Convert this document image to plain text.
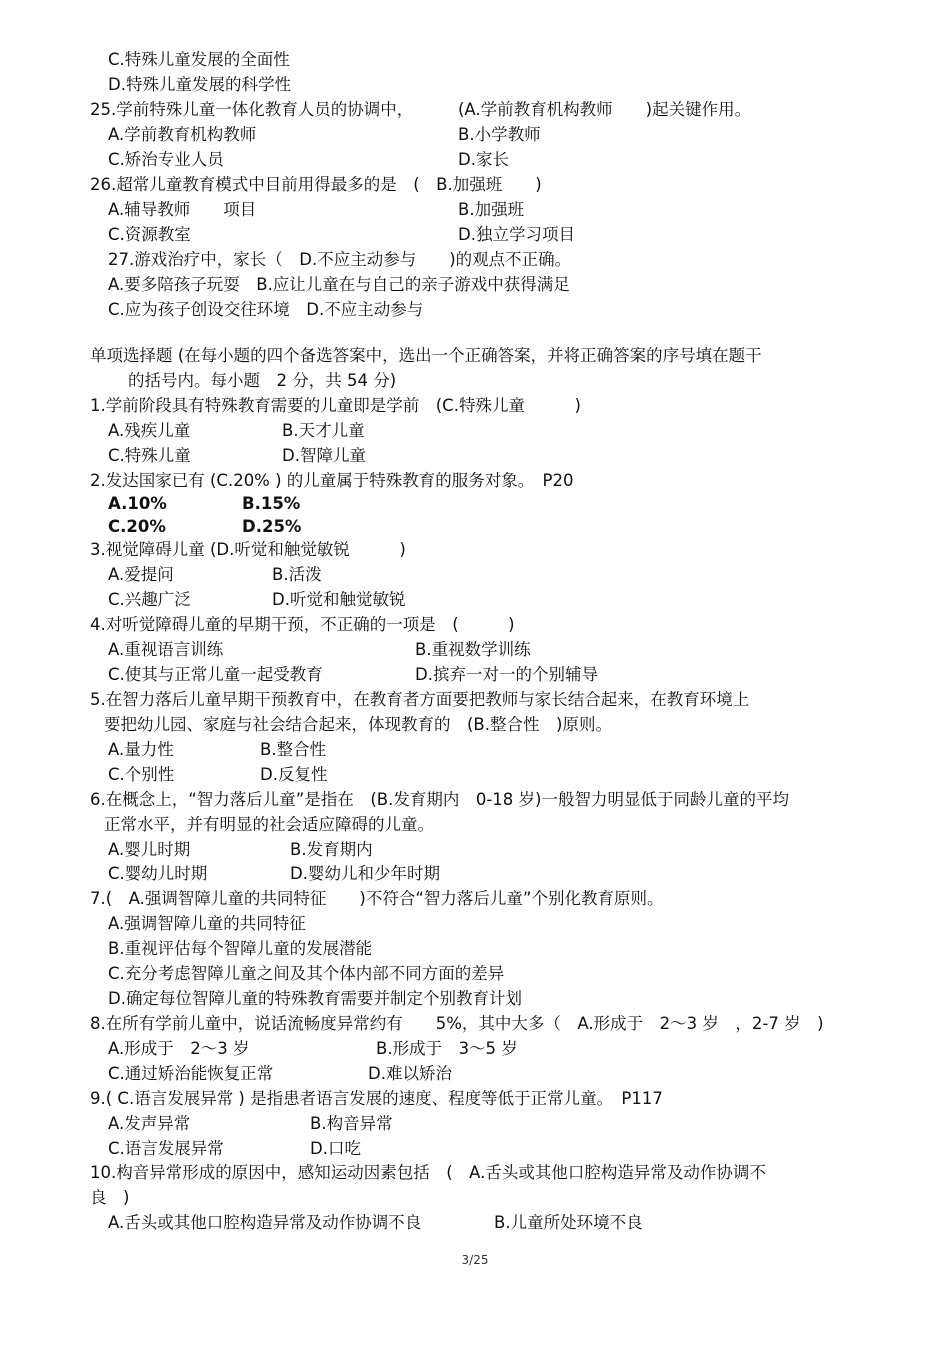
C.特殊儿童发展的全面性
D.特殊儿童发展的科学性
25.学前特殊儿童一体化教育人员的协调中，	(A.学前教育机构教师　　)起关键作用。
A.学前教育机构教师	B.小学教师
C.矫治专业人员	D.家长
26.超常儿童教育模式中目前用得最多的是　(　B.加强班　　)
A.辅导教师　　项目	B.加强班
C.资源教室	D.独立学习项目
27.游戏治疗中，家长（　D.不应主动参与　　)的观点不正确。
A.要多陪孩子玩耍　B.应让儿童在与自己的亲子游戏中获得满足
C.应为孩子创设交往环境　D.不应主动参与
单项选择题 (在每小题的四个备选答案中，选出一个正确答案，并将正确答案的序号填在题干
的括号内。每小题　2 分，共 54 分)
1.学前阶段具有特殊教育需要的儿童即是学前　(C.特殊儿童　　　)
A.残疾儿童	B.天才儿童
C.特殊儿童	D.智障儿童
2.发达国家已有 (C.20% ) 的儿童属于特殊教育的服务对象。　P20
A.10%	B.15%
C.20%	D.25%
3.视觉障碍儿童 (D.听觉和触觉敏锐　　　)
A.爱提问	B.活泼
C.兴趣广泛	D.听觉和触觉敏锐
4.对听觉障碍儿童的早期干预，不正确的一项是　(　　　)
A.重视语言训练	B.重视数学训练
C.使其与正常儿童一起受教育	D.摈弃一对一的个别辅导
5.在智力落后儿童早期干预教育中，在教育者方面要把教师与家长结合起来，在教育环境上
要把幼儿园、家庭与社会结合起来，体现教育的　(B.整合性　)原则。
A.量力性	B.整合性
C.个别性	D.反复性
6.在概念上，“智力落后儿童”是指在　(B.发育期内　0-18 岁)一般智力明显低于同龄儿童的平均
正常水平，并有明显的社会适应障碍的儿童。
A.婴儿时期	B.发育期内
C.婴幼儿时期	D.婴幼儿和少年时期
7.(　A.强调智障儿童的共同特征　　)不符合“智力落后儿童”个别化教育原则。
A.强调智障儿童的共同特征
B.重视评估每个智障儿童的发展潜能
C.充分考虑智障儿童之间及其个体内部不同方面的差异
D.确定每位智障儿童的特殊教育需要并制定个别教育计划
8.在所有学前儿童中，说话流畅度异常约有　　5%，其中大多（　A.形成于　2～3 岁　，2-7 岁　)
A.形成于　2～3 岁	B.形成于　3～5 岁
C.通过矫治能恢复正常	D.难以矫治
9.( C.语言发展异常 ) 是指患者语言发展的速度、程度等低于正常儿童。　P117
A.发声异常	B.构音异常
C.语言发展异常	D.口吃
10.构音异常形成的原因中，感知运动因素包括　(　A.舌头或其他口腔构造异常及动作协调不
良　)
A.舌头或其他口腔构造异常及动作协调不良	B.儿童所处环境不良
3/25
